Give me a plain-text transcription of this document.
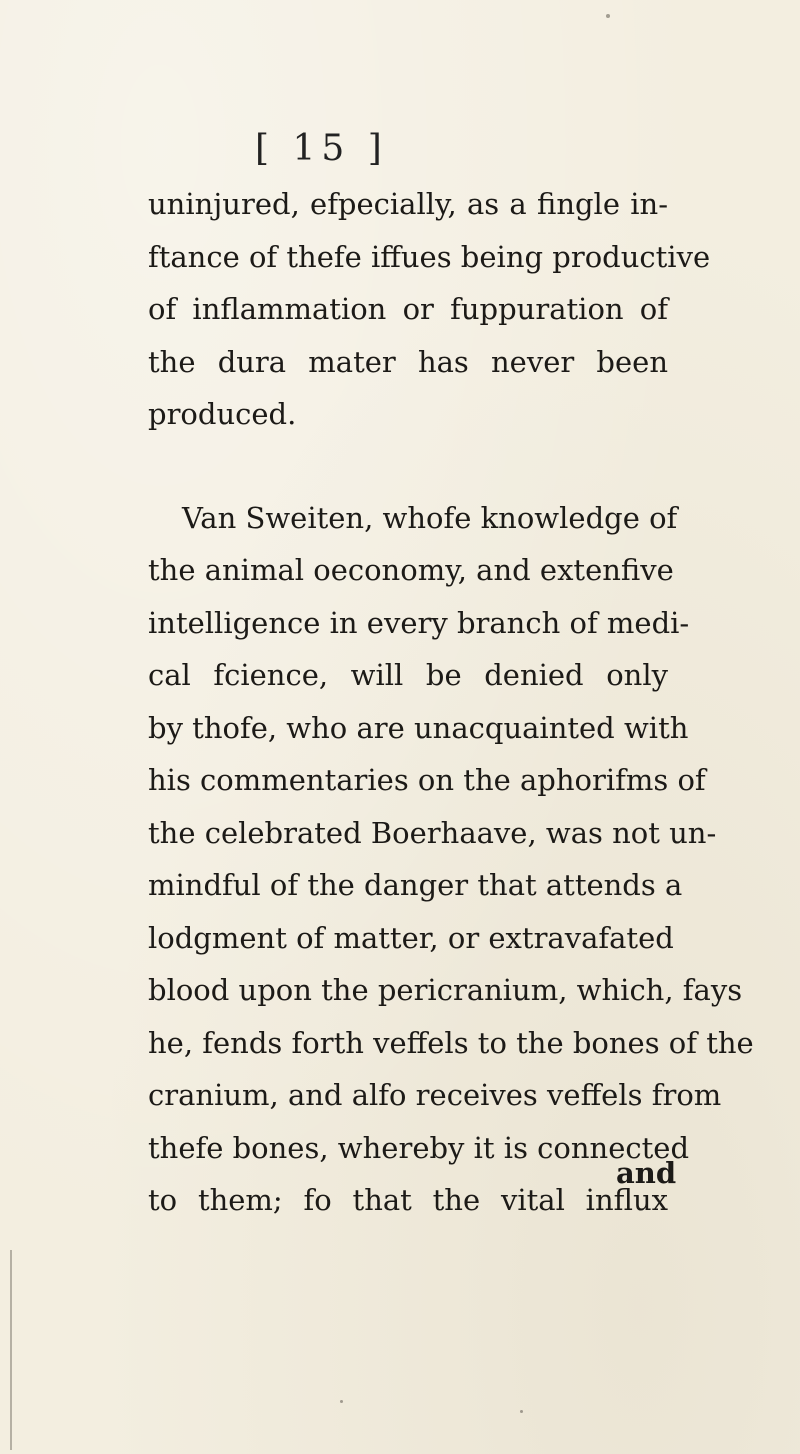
[ 15 ]
uninjured, efpecially, as a fingle in-
ftance of thefe iffues being productive
of inflammation or fuppuration of
the dura mater has never been
produced.
Van Sweiten, whofe knowledge of
the animal oeconomy, and extenfive
intelligence in every branch of medi-
cal fcience, will be denied only
by thofe, who are unacquainted with
his commentaries on the aphorifms of
the celebrated Boerhaave, was not un-
mindful of the danger that attends a
lodgment of matter, or extravafated
blood upon the pericranium, which, fays
he, fends forth veffels to the bones of the
cranium, and alfo receives veffels from
thefe bones, whereby it is connected
to them; fo that the vital influx
and
